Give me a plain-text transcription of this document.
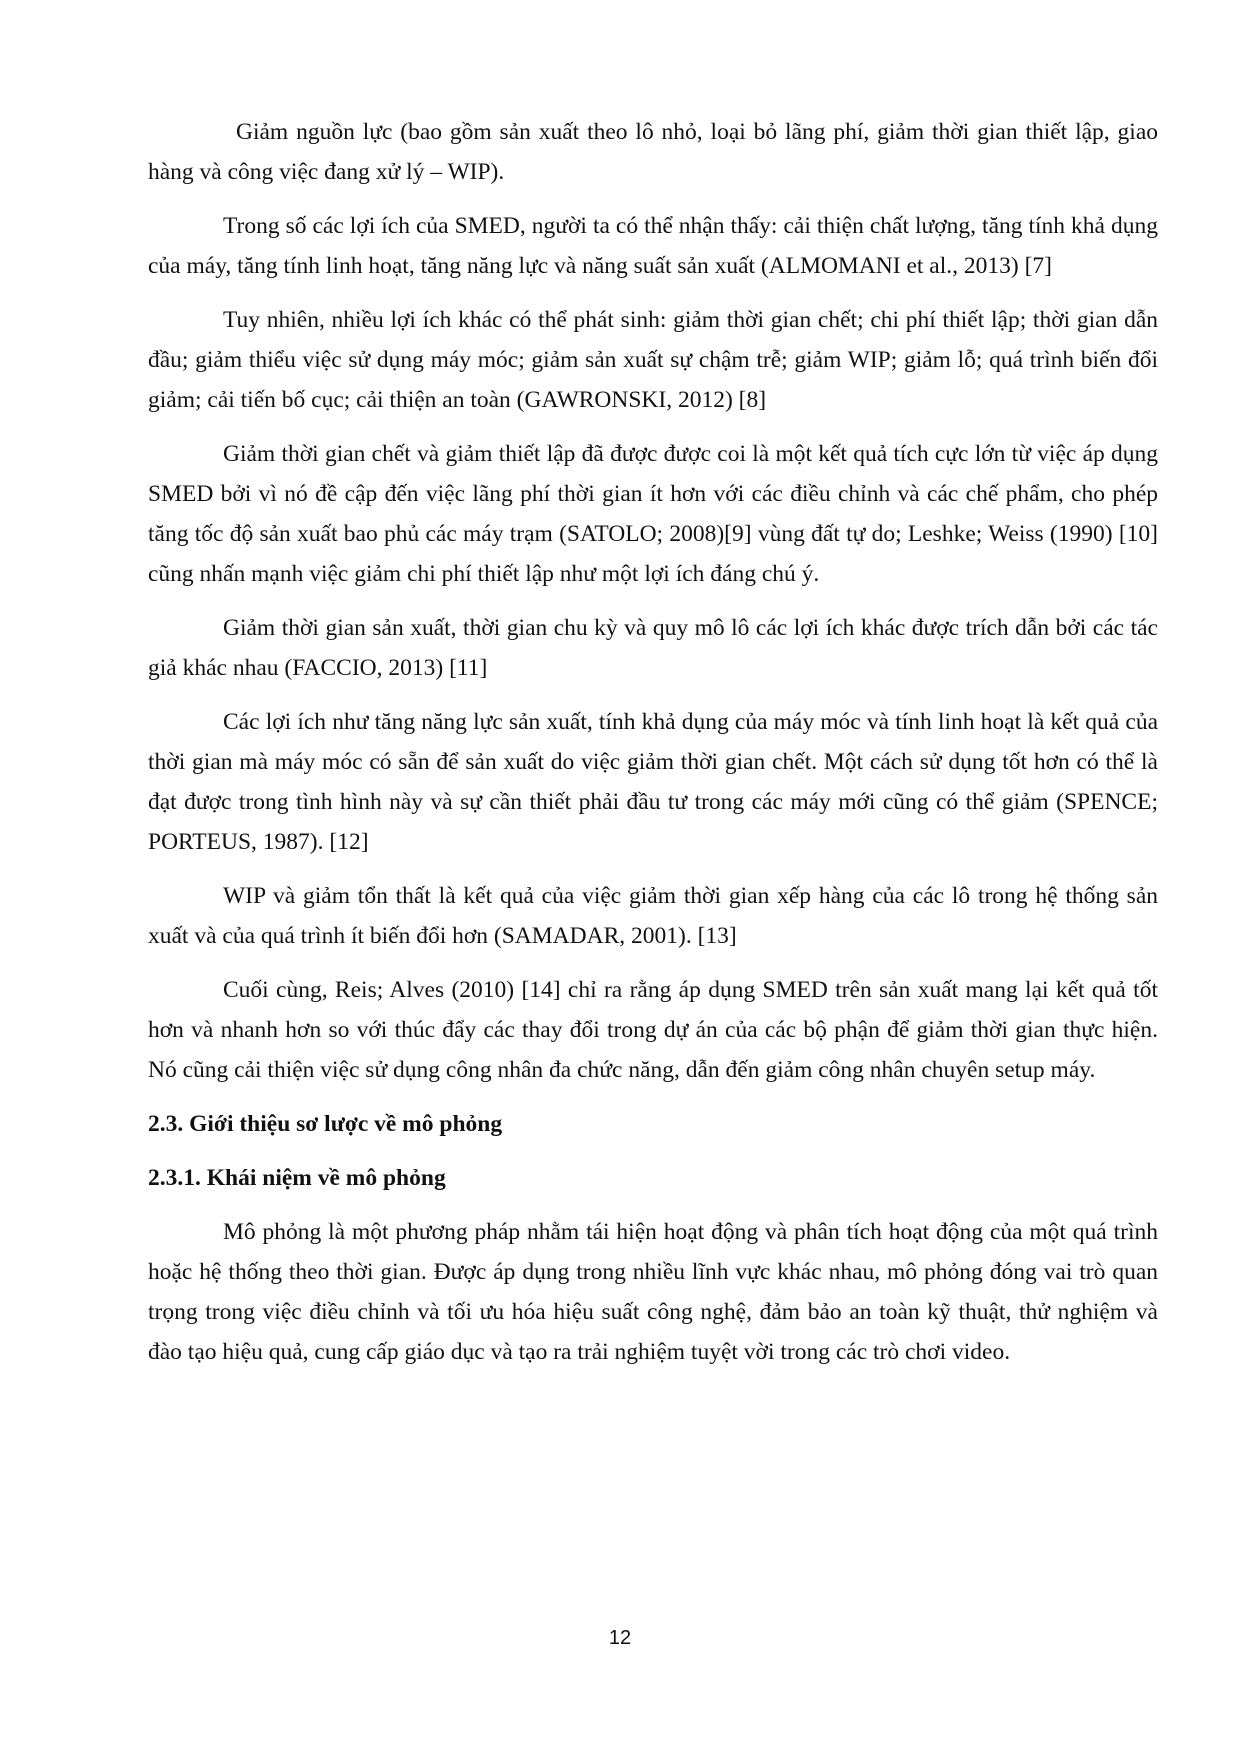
Giảm nguồn lực (bao gồm sản xuất theo lô nhỏ, loại bỏ lãng phí, giảm thời gian thiết lập, giao hàng và công việc đang xử lý – WIP).

Trong số các lợi ích của SMED, người ta có thể nhận thấy: cải thiện chất lượng, tăng tính khả dụng của máy, tăng tính linh hoạt, tăng năng lực và năng suất sản xuất (ALMOMANI et al., 2013) [7]

Tuy nhiên, nhiều lợi ích khác có thể phát sinh: giảm thời gian chết; chi phí thiết lập; thời gian dẫn đầu; giảm thiểu việc sử dụng máy móc; giảm sản xuất sự chậm trễ; giảm WIP; giảm lỗ; quá trình biến đổi giảm; cải tiến bố cục; cải thiện an toàn (GAWRONSKI, 2012) [8]

Giảm thời gian chết và giảm thiết lập đã được được coi là một kết quả tích cực lớn từ việc áp dụng SMED bởi vì nó đề cập đến việc lãng phí thời gian ít hơn với các điều chỉnh và các chế phẩm, cho phép tăng tốc độ sản xuất bao phủ các máy trạm (SATOLO; 2008)[9] vùng đất tự do; Leshke; Weiss (1990) [10] cũng nhấn mạnh việc giảm chi phí thiết lập như một lợi ích đáng chú ý.

Giảm thời gian sản xuất, thời gian chu kỳ và quy mô lô các lợi ích khác được trích dẫn bởi các tác giả khác nhau (FACCIO, 2013) [11]

Các lợi ích như tăng năng lực sản xuất, tính khả dụng của máy móc và tính linh hoạt là kết quả của thời gian mà máy móc có sẵn để sản xuất do việc giảm thời gian chết. Một cách sử dụng tốt hơn có thể là đạt được trong tình hình này và sự cần thiết phải đầu tư trong các máy mới cũng có thể giảm (SPENCE; PORTEUS, 1987). [12]

WIP và giảm tổn thất là kết quả của việc giảm thời gian xếp hàng của các lô trong hệ thống sản xuất và của quá trình ít biến đổi hơn (SAMADAR, 2001). [13]

Cuối cùng, Reis; Alves (2010) [14] chỉ ra rằng áp dụng SMED trên sản xuất mang lại kết quả tốt hơn và nhanh hơn so với thúc đẩy các thay đổi trong dự án của các bộ phận để giảm thời gian thực hiện. Nó cũng cải thiện việc sử dụng công nhân đa chức năng, dẫn đến giảm công nhân chuyên setup máy.

2.3. Giới thiệu sơ lược về mô phỏng
2.3.1. Khái niệm về mô phỏng

Mô phỏng là một phương pháp nhằm tái hiện hoạt động và phân tích hoạt động của một quá trình hoặc hệ thống theo thời gian. Được áp dụng trong nhiều lĩnh vực khác nhau, mô phỏng đóng vai trò quan trọng trong việc điều chỉnh và tối ưu hóa hiệu suất công nghệ, đảm bảo an toàn kỹ thuật, thử nghiệm và đào tạo hiệu quả, cung cấp giáo dục và tạo ra trải nghiệm tuyệt vời trong các trò chơi video.

12
